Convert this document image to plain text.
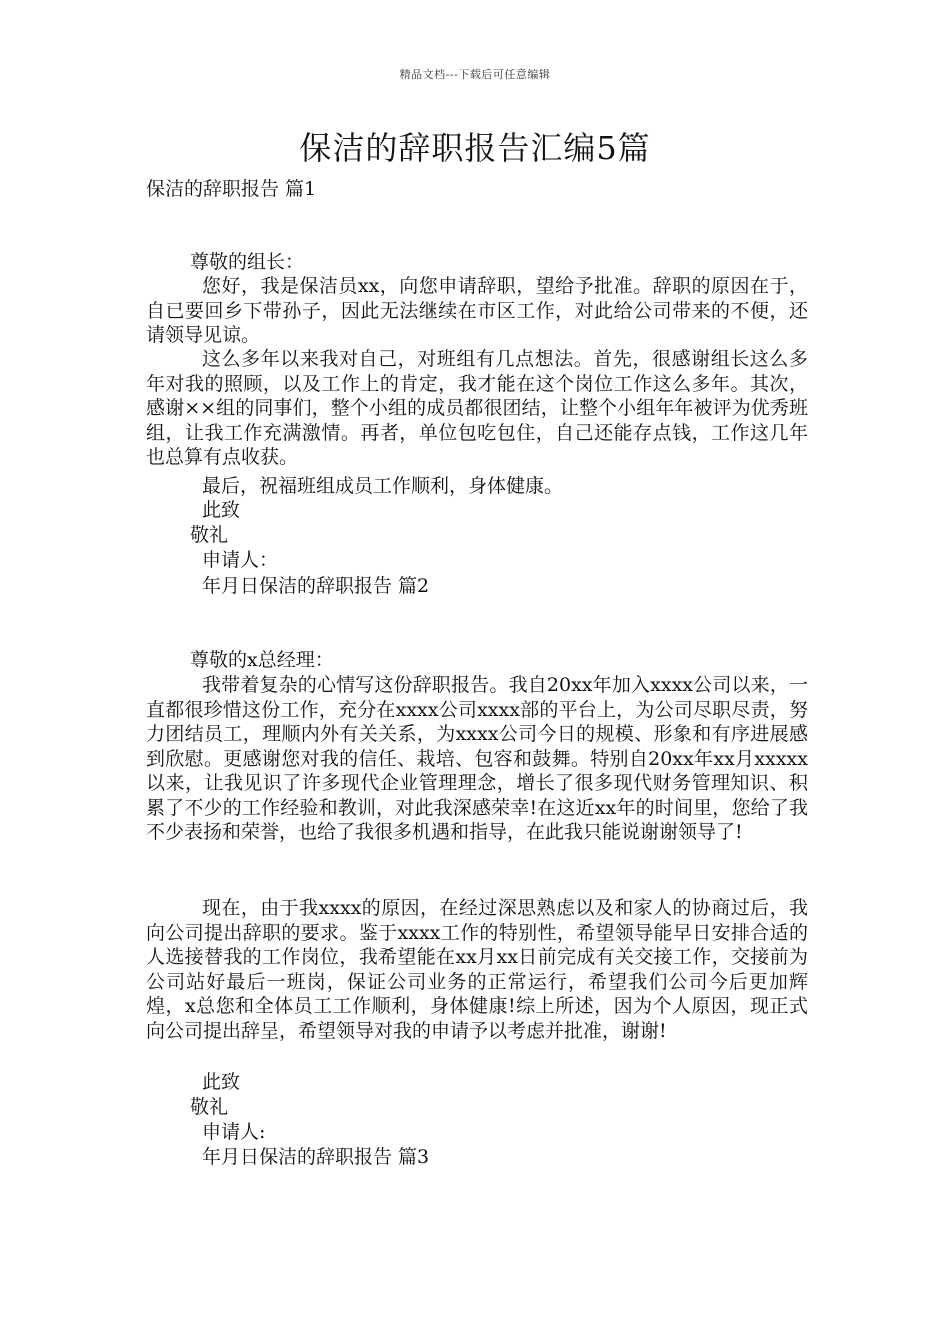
精品文档---下载后可任意编辑
保洁的辞职报告汇编5篇
保洁的辞职报告 篇1
尊敬的组长：

您好，我是保洁员xx，向您申请辞职，望给予批准。辞职的原因在于，自已要回乡下带孙子，因此无法继续在市区工作，对此给公司带来的不便，还请领导见谅。

这么多年以来我对自己，对班组有几点想法。首先，很感谢组长这么多年对我的照顾，以及工作上的肯定，我才能在这个岗位工作这么多年。其次，感谢××组的同事们，整个小组的成员都很团结，让整个小组年年被评为优秀班组，让我工作充满激情。再者，单位包吃包住，自己还能存点钱，工作这几年也总算有点收获。

最后，祝福班组成员工作顺利，身体健康。
此致
敬礼
申请人：
年月日保洁的辞职报告 篇2
尊敬的x总经理：

我带着复杂的心情写这份辞职报告。我自20xx年加入xxxx公司以来，一直都很珍惜这份工作，充分在xxxx公司xxxx部的平台上，为公司尽职尽责，努力团结员工，理顺内外有关关系，为xxxx公司今日的规模、形象和有序进展感到欣慰。更感谢您对我的信任、栽培、包容和鼓舞。特别自20xx年xx月xxxxx以来，让我见识了许多现代企业管理理念，增长了很多现代财务管理知识、积累了不少的工作经验和教训，对此我深感荣幸!在这近xx年的时间里，您给了我不少表扬和荣誉，也给了我很多机遇和指导，在此我只能说谢谢领导了!

现在，由于我xxxx的原因，在经过深思熟虑以及和家人的协商过后，我向公司提出辞职的要求。鉴于xxxx工作的特别性，希望领导能早日安排合适的人选接替我的工作岗位，我希望能在xx月xx日前完成有关交接工作，交接前为公司站好最后一班岗，保证公司业务的正常运行，希望我们公司今后更加辉煌，x总您和全体员工工作顺利，身体健康!综上所述，因为个人原因，现正式向公司提出辞呈，希望领导对我的申请予以考虑并批准，谢谢!

此致
敬礼
申请人:
年月日保洁的辞职报告 篇3
